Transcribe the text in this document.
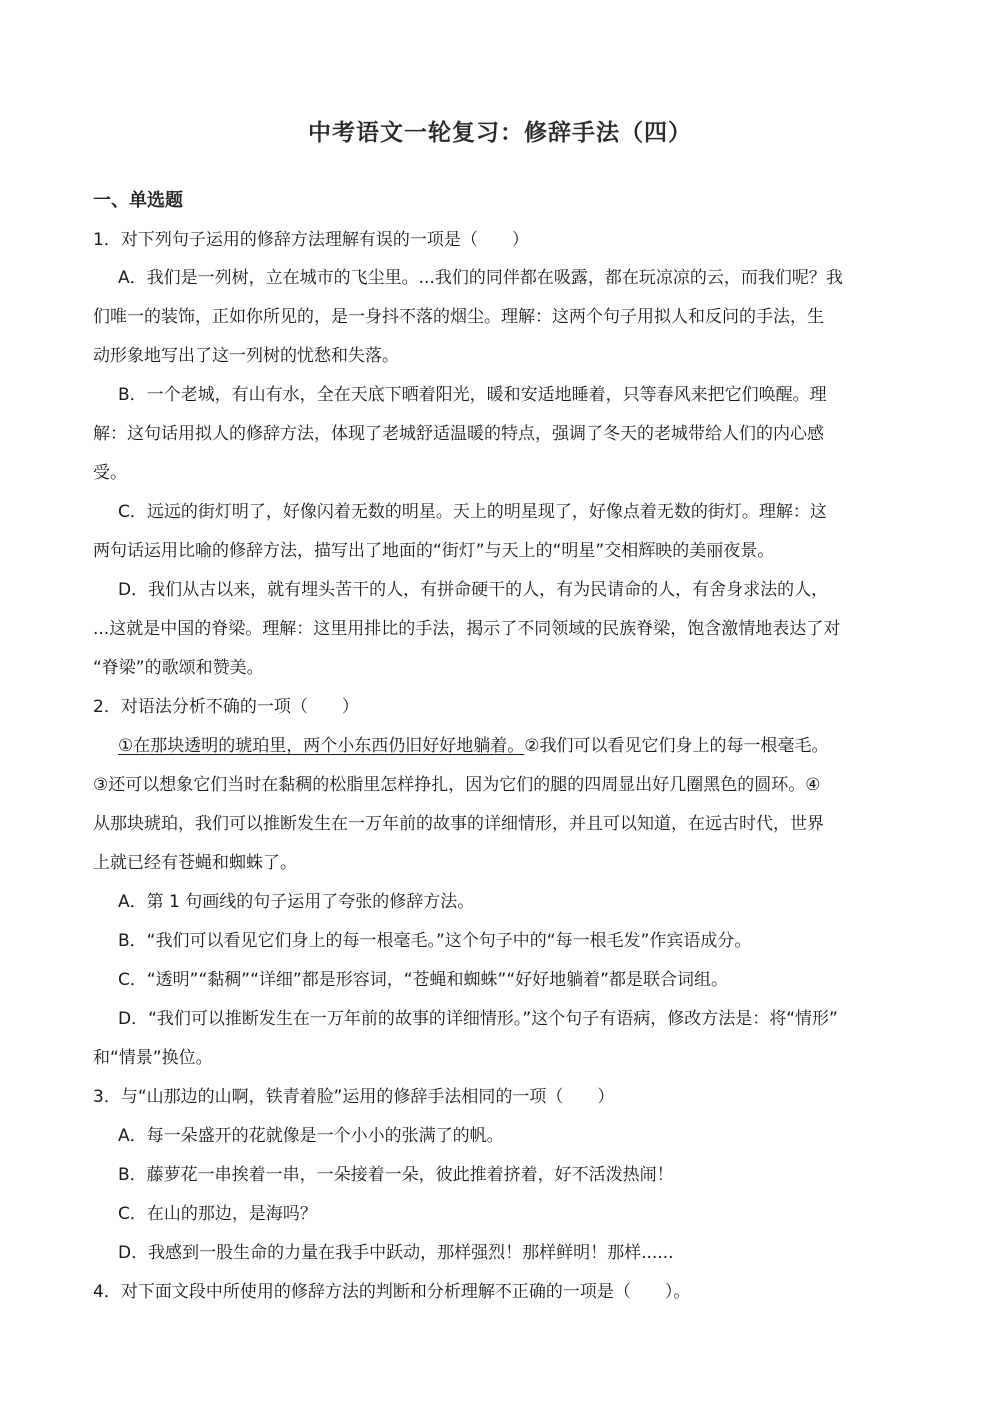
中考语文一轮复习：修辞手法（四）
一、单选题
1．对下列句子运用的修辞方法理解有误的一项是（　　）
A．我们是一列树，立在城市的飞尘里。...我们的同伴都在吸露，都在玩凉凉的云，而我们呢？我
们唯一的装饰，正如你所见的，是一身抖不落的烟尘。理解：这两个句子用拟人和反问的手法，生
动形象地写出了这一列树的忧愁和失落。
B．一个老城，有山有水，全在天底下晒着阳光，暖和安适地睡着，只等春风来把它们唤醒。理
解：这句话用拟人的修辞方法，体现了老城舒适温暖的特点，强调了冬天的老城带给人们的内心感
受。
C．远远的街灯明了，好像闪着无数的明星。天上的明星现了，好像点着无数的街灯。理解：这
两句话运用比喻的修辞方法，描写出了地面的“街灯”与天上的“明星”交相辉映的美丽夜景。
D．我们从古以来，就有埋头苦干的人，有拼命硬干的人，有为民请命的人，有舍身求法的人，
...这就是中国的脊梁。理解：这里用排比的手法，揭示了不同领域的民族脊梁，饱含激情地表达了对
“脊梁”的歌颂和赞美。
2．对语法分析不确的一项（　　）
①在那块透明的琥珀里，两个小东西仍旧好好地躺着。②我们可以看见它们身上的每一根毫毛。
③还可以想象它们当时在黏稠的松脂里怎样挣扎，因为它们的腿的四周显出好几圈黑色的圆环。④
从那块琥珀，我们可以推断发生在一万年前的故事的详细情形，并且可以知道，在远古时代，世界
上就已经有苍蝇和蜘蛛了。
A．第 1 句画线的句子运用了夸张的修辞方法。
B．“我们可以看见它们身上的每一根毫毛。”这个句子中的“每一根毛发”作宾语成分。
C．“透明”“黏稠”“详细”都是形容词，“苍蝇和蜘蛛”“好好地躺着”都是联合词组。
D．“我们可以推断发生在一万年前的故事的详细情形。”这个句子有语病，修改方法是：将“情形”
和“情景”换位。
3．与“山那边的山啊，铁青着脸”运用的修辞手法相同的一项（　　）
A．每一朵盛开的花就像是一个小小的张满了的帆。
B．藤萝花一串挨着一串，一朵接着一朵，彼此推着挤着，好不活泼热闹！
C．在山的那边，是海吗？
D．我感到一股生命的力量在我手中跃动，那样强烈！那样鲜明！那样......
4．对下面文段中所使用的修辞方法的判断和分析理解不正确的一项是（　　）。
